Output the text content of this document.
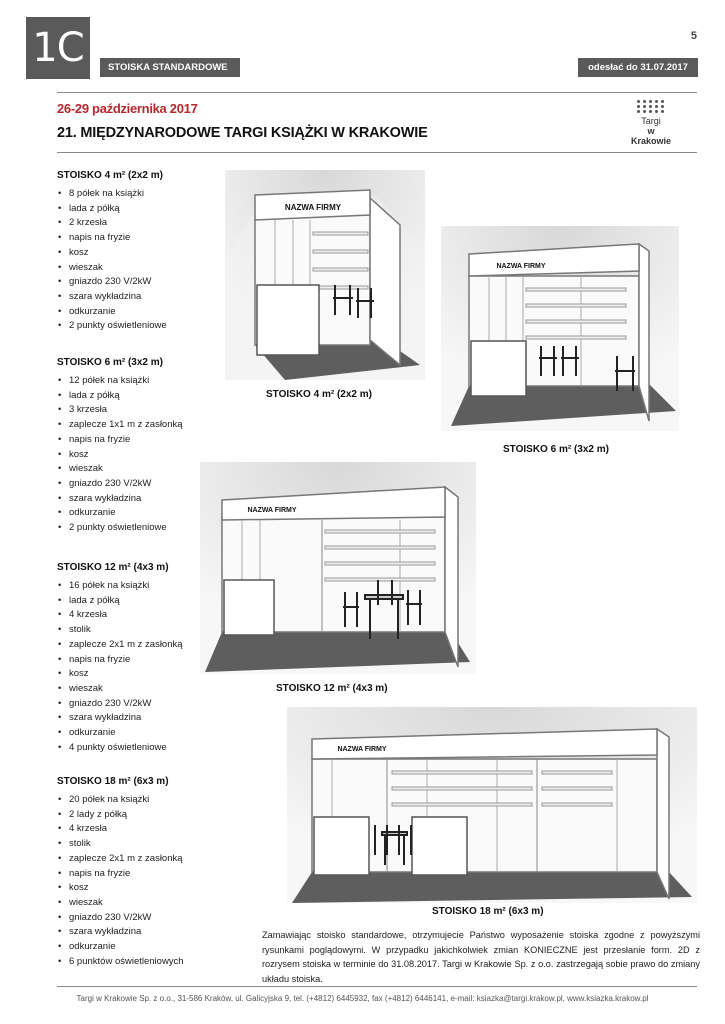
1C	STOISKA STANDARDOWE
5
odesłać do 31.07.2017
26-29 października 2017
21. MIĘDZYNARODOWE TARGI KSIĄŻKI W KRAKOWIE
Targi
w Krakowie
STOISKO 4 m² (2x2 m)
• 8 półek na książki
• lada z półką
• 2 krzesła
• napis na fryzie
• kosz
• wieszak
• gniazdo 230 V/2kW
• szara wykładzina
• odkurzanie
• 2 punkty oświetleniowe
STOISKO 6 m² (3x2 m)
• 12 półek na książki
• lada z półką
• 3 krzesła
• zaplecze 1x1 m z zasłonką
• napis na fryzie
• kosz
• wieszak
• gniazdo 230 V/2kW
• szara wykładzina
• odkurzanie
• 2 punkty oświetleniowe
STOISKO 12 m² (4x3 m)
• 16 półek na książki
• lada z półką
• 4 krzesła
• stolik
• zaplecze 2x1 m z zasłonką
• napis na fryzie
• kosz
• wieszak
• gniazdo 230 V/2kW
• szara wykładzina
• odkurzanie
• 4 punkty oświetleniowe
STOISKO 18 m² (6x3 m)
• 20 półek na książki
• 2 lady z półką
• 4 krzesła
• stolik
• zaplecze 2x1 m z zasłonką
• napis na fryzie
• kosz
• wieszak
• gniazdo 230 V/2kW
• szara wykładzina
• odkurzanie
• 6 punktów oświetleniowych
NAZWA FIRMY
STOISKO 4 m² (2x2 m)
NAZWA FIRMY
STOISKO 6 m² (3x2 m)
NAZWA FIRMY
STOISKO 12 m² (4x3 m)
NAZWA FIRMY
STOISKO 18 m² (6x3 m)
Zamawiając stoisko standardowe, otrzymujecie Państwo wyposażenie stoiska zgodne z powyższymi rysunkami poglądowymi. W przypadku jakichkolwiek zmian KONIECZNE jest przesłanie form. 2D z rozrysem stoiska w terminie do 31.08.2017. Targi w Krakowie Sp. z o.o. zastrzegają sobie prawo do zmiany układu stoiska.
Targi w Krakowie Sp. z o.o., 31-586 Kraków, ul. Galicyjska 9, tel. (+4812) 6445932, fax (+4812) 6446141, e-mail: ksiazka@targi.krakow.pl, www.ksiazka.krakow.pl
